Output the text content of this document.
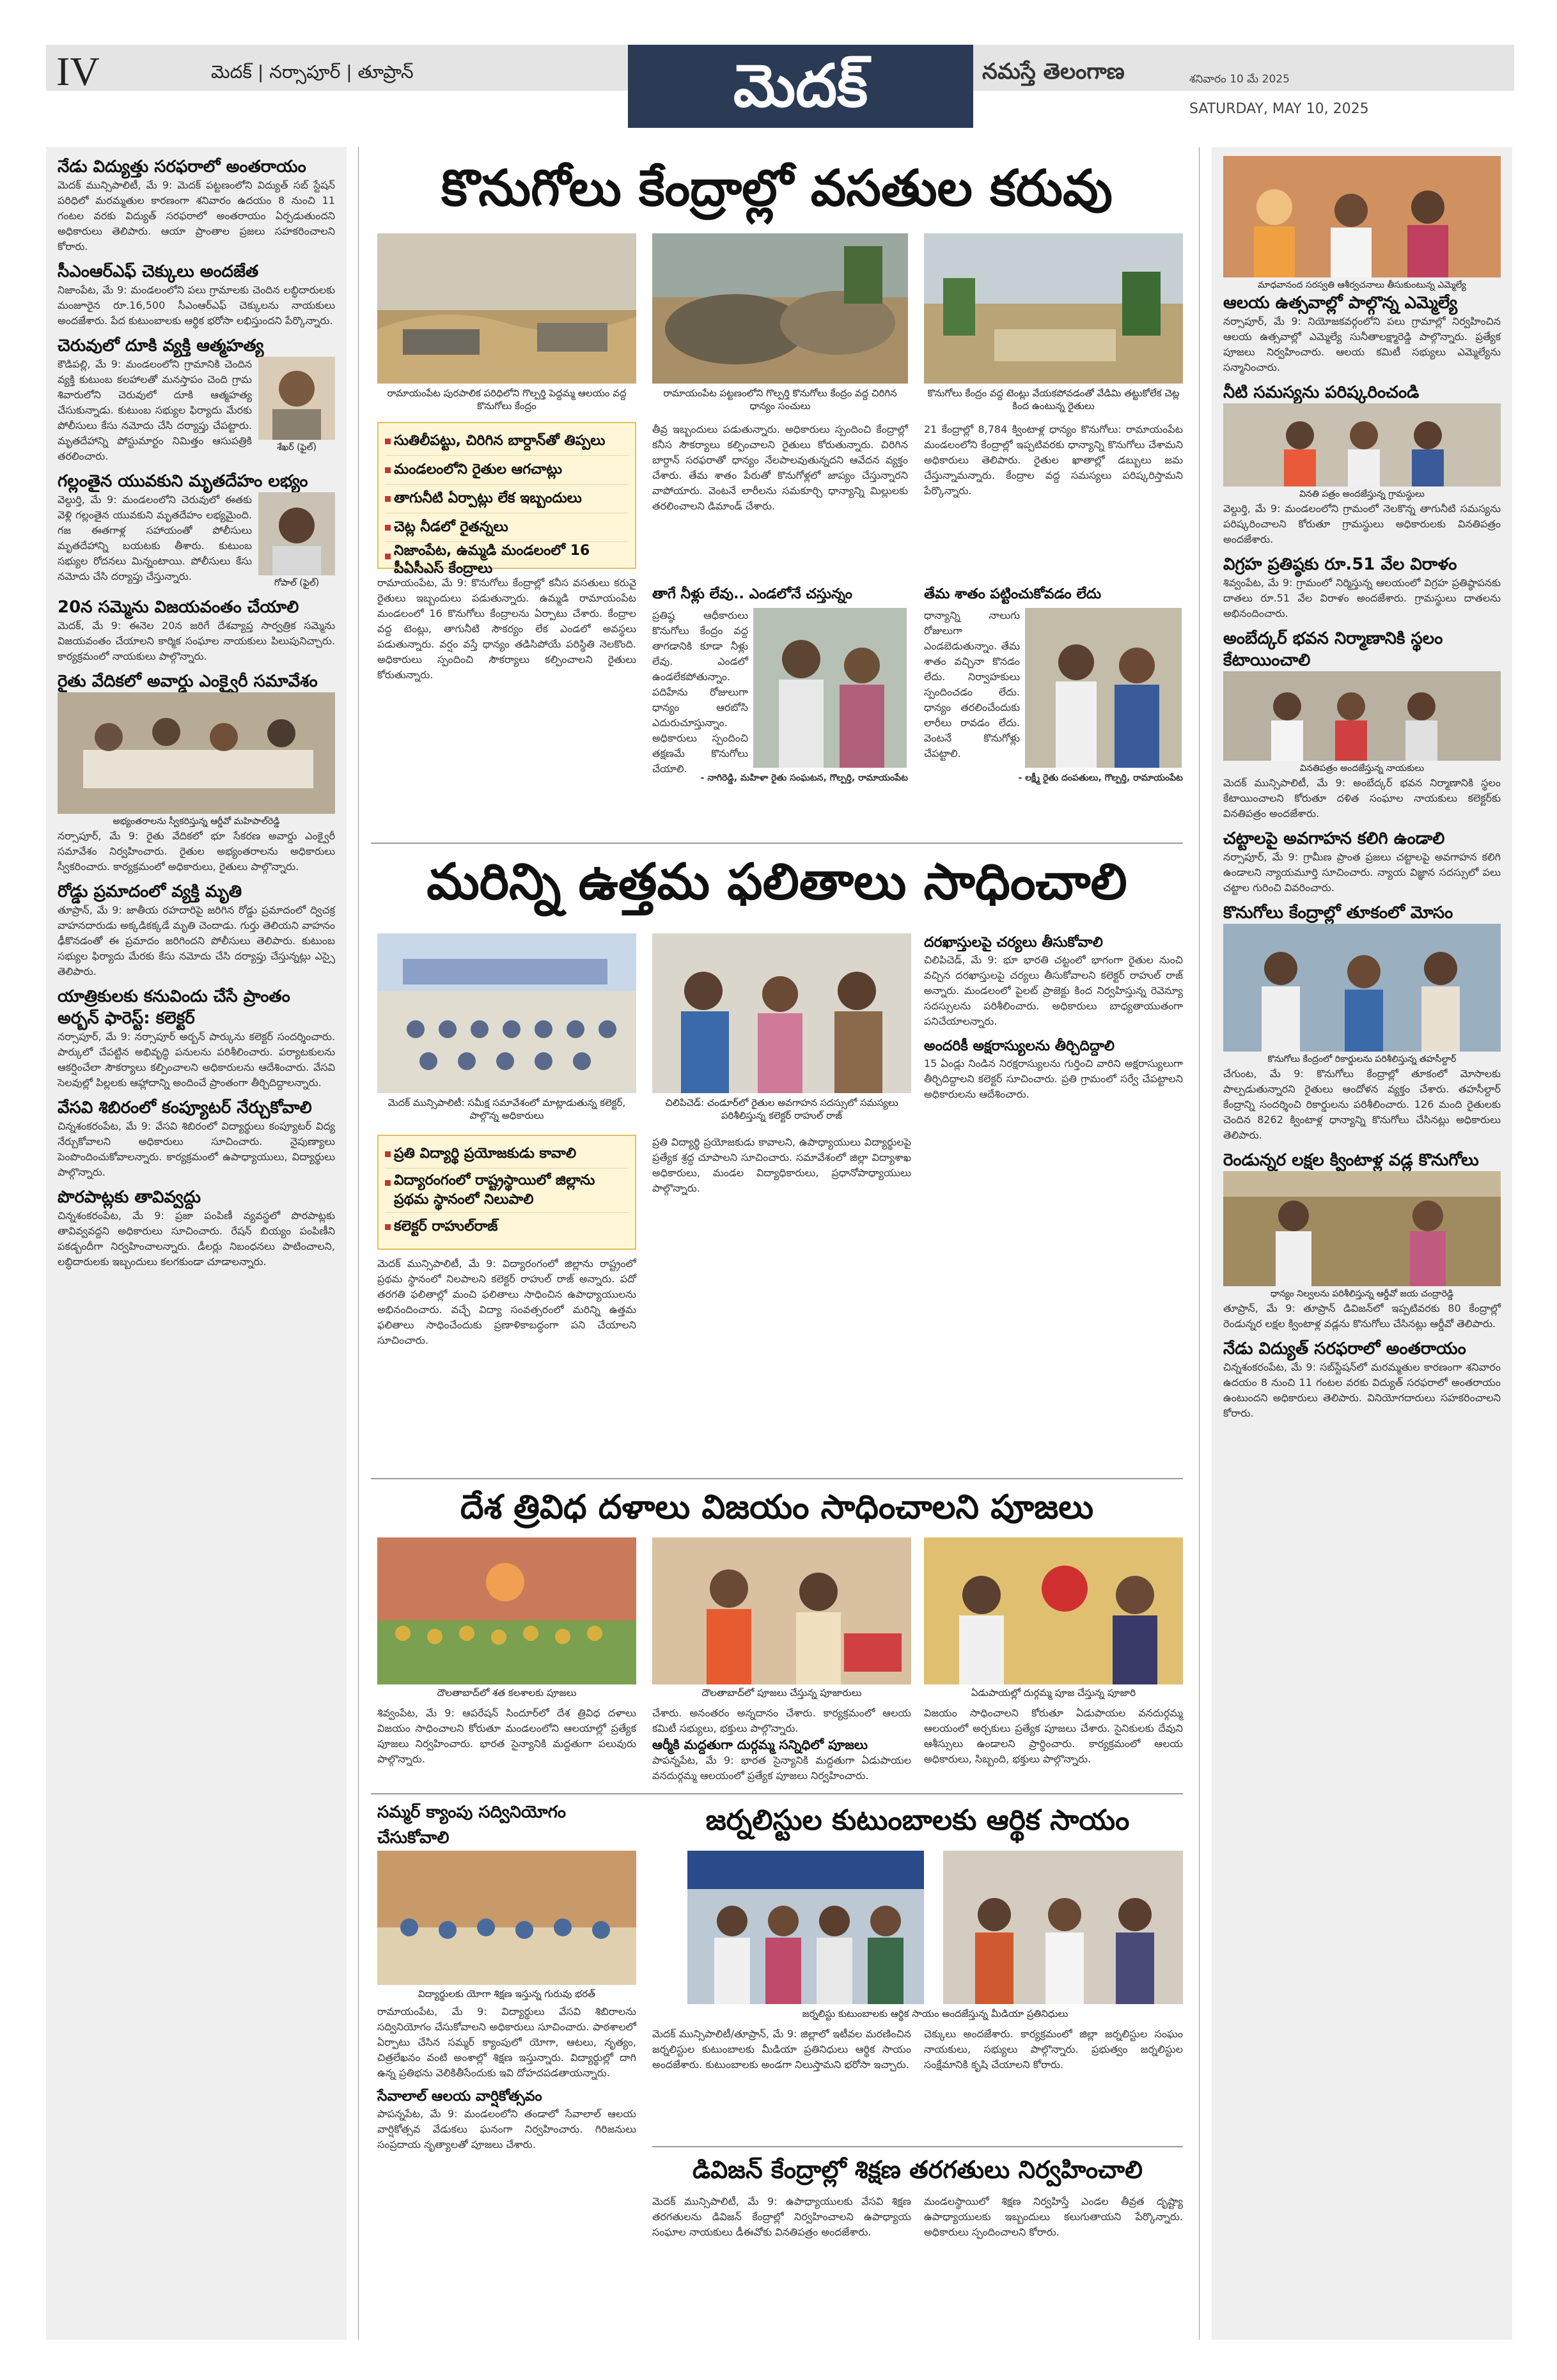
IV	మెదక్ | నర్సాపూర్ | తూప్రాన్	మెదక్	నమస్తే తెలంగాణ	శనివారం 10 మే 2025
SATURDAY, MAY 10, 2025
నేడు విద్యుత్తు సరఫరాలో అంతరాయం
మెదక్ మున్సిపాలిటీ, మే 9: మెదక్ పట్టణంలోని విద్యుత్ సబ్ స్టేషన్ పరిధిలో మరమ్మతుల కారణంగా శనివారం ఉదయం 8 నుంచి 11 గంటల వరకు విద్యుత్ సరఫరాలో అంతరాయం ఏర్పడుతుందని అధికారులు తెలిపారు. ఆయా ప్రాంతాల ప్రజలు సహకరించాలని కోరారు.
సీఎంఆర్ఎఫ్ చెక్కులు అందజేత
నిజాంపేట, మే 9: మండలంలోని పలు గ్రామాలకు చెందిన లబ్ధిదారులకు మంజూరైన రూ.16,500 సీఎంఆర్ఎఫ్ చెక్కులను నాయకులు అందజేశారు. పేద కుటుంబాలకు ఆర్థిక భరోసా లభిస్తుందని పేర్కొన్నారు.
చెరువులో దూకి వ్యక్తి ఆత్మహత్య
కౌడిపల్లి, మే 9: మండలంలోని గ్రామానికి చెందిన వ్యక్తి కుటుంబ కలహాలతో మనస్తాపం చెంది గ్రామ శివారులోని చెరువులో దూకి ఆత్మహత్య చేసుకున్నాడు. కుటుంబ సభ్యుల ఫిర్యాదు మేరకు పోలీసులు కేసు నమోదు చేసి దర్యాప్తు చేపట్టారు. మృతదేహాన్ని పోస్టుమార్టం నిమిత్తం ఆసుపత్రికి తరలించారు.
శేఖర్ (ఫైల్)
గల్లంతైన యువకుని మృతదేహం లభ్యం
వెల్దుర్తి, మే 9: మండలంలోని చెరువులో ఈతకు వెళ్లి గల్లంతైన యువకుని మృతదేహం లభ్యమైంది. గజ ఈతగాళ్ల సహాయంతో పోలీసులు మృతదేహాన్ని బయటకు తీశారు. కుటుంబ సభ్యుల రోదనలు మిన్నంటాయి. పోలీసులు కేసు నమోదు చేసి దర్యాప్తు చేస్తున్నారు.
గోపాల్ (ఫైల్)
20న సమ్మెను విజయవంతం చేయాలి
మెదక్, మే 9: ఈనెల 20న జరిగే దేశవ్యాప్త సార్వత్రిక సమ్మెను విజయవంతం చేయాలని కార్మిక సంఘాల నాయకులు పిలుపునిచ్చారు. కార్యక్రమంలో నాయకులు పాల్గొన్నారు.
రైతు వేదికలో అవార్డు ఎంక్వైరీ సమావేశం
అభ్యంతరాలను స్వీకరిస్తున్న ఆర్డీవో మహిపాల్‌రెడ్డి
నర్సాపూర్, మే 9: రైతు వేదికలో భూ సేకరణ అవార్డు ఎంక్వైరీ సమావేశం నిర్వహించారు. రైతుల అభ్యంతరాలను అధికారులు స్వీకరించారు. కార్యక్రమంలో అధికారులు, రైతులు పాల్గొన్నారు.
రోడ్డు ప్రమాదంలో వ్యక్తి మృతి
తూప్రాన్, మే 9: జాతీయ రహదారిపై జరిగిన రోడ్డు ప్రమాదంలో ద్విచక్ర వాహనదారుడు అక్కడికక్కడే మృతి చెందాడు. గుర్తు తెలియని వాహనం ఢీకొనడంతో ఈ ప్రమాదం జరిగిందని పోలీసులు తెలిపారు. కుటుంబ సభ్యుల ఫిర్యాదు మేరకు కేసు నమోదు చేసి దర్యాప్తు చేస్తున్నట్లు ఎస్సై తెలిపారు.
యాత్రికులకు కనువిందు చేసే ప్రాంతం అర్బన్ ఫారెస్ట్: కలెక్టర్
నర్సాపూర్, మే 9: నర్సాపూర్ అర్బన్ పార్కును కలెక్టర్ సందర్శించారు. పార్కులో చేపట్టిన అభివృద్ధి పనులను పరిశీలించారు. పర్యాటకులను ఆకర్షించేలా సౌకర్యాలు కల్పించాలని అధికారులను ఆదేశించారు. వేసవి సెలవుల్లో పిల్లలకు ఆహ్లాదాన్ని అందించే ప్రాంతంగా తీర్చిదిద్దాలన్నారు.
వేసవి శిబిరంలో కంప్యూటర్ నేర్చుకోవాలి
చిన్నశంకరంపేట, మే 9: వేసవి శిబిరంలో విద్యార్థులు కంప్యూటర్ విద్య నేర్చుకోవాలని అధికారులు సూచించారు. నైపుణ్యాలు పెంపొందించుకోవాలన్నారు. కార్యక్రమంలో ఉపాధ్యాయులు, విద్యార్థులు పాల్గొన్నారు.
పొరపాట్లకు తావివ్వద్దు
చిన్నశంకరంపేట, మే 9: ప్రజా పంపిణీ వ్యవస్థలో పొరపాట్లకు తావివ్వవద్దని అధికారులు సూచించారు. రేషన్ బియ్యం పంపిణీని పకడ్బందీగా నిర్వహించాలన్నారు. డీలర్లు నిబంధనలు పాటించాలని, లబ్ధిదారులకు ఇబ్బందులు కలగకుండా చూడాలన్నారు.
కొనుగోలు కేంద్రాల్లో వసతుల కరువు
రామాయంపేట పురపాలిక పరిధిలోని గొల్పర్తి పెద్దమ్మ ఆలయం వద్ద కొనుగోలు కేంద్రం
రామాయంపేట పట్టణంలోని గొల్పర్తి కొనుగోలు కేంద్రం వద్ద చిరిగిన ధాన్యం సంచులు
కొనుగోలు కేంద్రం వద్ద టెంట్లు వేయకపోవడంతో వేడిమి తట్టుకోలేక చెట్ల కింద ఉంటున్న రైతులు
సుతిలీపట్టు, చిరిగిన బార్దాన్‌తో తిప్పలు
మండలంలోని రైతుల ఆగచాట్లు
తాగునీటి ఏర్పాట్లు లేక ఇబ్బందులు
చెట్ల నీడలో రైతన్నలు
నిజాంపేట, ఉమ్మడి మండలంలో 16 పీఏసీఎస్ కేంద్రాలు
రామాయంపేట, మే 9: కొనుగోలు కేంద్రాల్లో కనీస వసతులు కరువై రైతులు ఇబ్బందులు పడుతున్నారు. ఉమ్మడి రామాయంపేట మండలంలో 16 కొనుగోలు కేంద్రాలను ఏర్పాటు చేశారు. కేంద్రాల వద్ద టెంట్లు, తాగునీటి సౌకర్యం లేక ఎండలో అవస్థలు పడుతున్నారు. వర్షం వస్తే ధాన్యం తడిసిపోయే పరిస్థితి నెలకొంది. అధికారులు స్పందించి సౌకర్యాలు కల్పించాలని రైతులు కోరుతున్నారు.
తీవ్ర ఇబ్బందులు పడుతున్నారు. అధికారులు స్పందించి కేంద్రాల్లో కనీస సౌకర్యాలు కల్పించాలని రైతులు కోరుతున్నారు. చిరిగిన బార్దాన్ సరఫరాతో ధాన్యం నేలపాలవుతున్నదని ఆవేదన వ్యక్తం చేశారు. తేమ శాతం పేరుతో కొనుగోళ్లలో జాప్యం చేస్తున్నారని వాపోయారు. వెంటనే లారీలను సమకూర్చి ధాన్యాన్ని మిల్లులకు తరలించాలని డిమాండ్ చేశారు.
21 కేంద్రాల్లో 8,784 క్వింటాళ్ల ధాన్యం కొనుగోలు: రామాయంపేట మండలంలోని కేంద్రాల్లో ఇప్పటివరకు ధాన్యాన్ని కొనుగోలు చేశామని అధికారులు తెలిపారు. రైతుల ఖాతాల్లో డబ్బులు జమ చేస్తున్నామన్నారు. కేంద్రాల వద్ద సమస్యలు పరిష్కరిస్తామని పేర్కొన్నారు.
తాగే నీళ్లు లేవు.. ఎండలోనే చస్తున్నం
ప్రతిష్ఠ ఆధీకారులు కొనుగోలు కేంద్రం వద్ద తాగడానికి కూడా నీళ్లు లేవు. ఎండలో ఉండలేకపోతున్నాం. పదిహేను రోజులుగా ధాన్యం ఆరబోసి ఎదురుచూస్తున్నాం. అధికారులు స్పందించి తక్షణమే కొనుగోలు చేయాలి.
- నాగిరెడ్డి, మహిళా రైతు సంఘటన, గొల్పర్తి, రామాయంపేట
తేమ శాతం పట్టించుకోవడం లేదు
ధాన్యాన్ని నాలుగు రోజులుగా ఎండబెడుతున్నాం. తేమ శాతం వచ్చినా కొనడం లేదు. నిర్వాహకులు స్పందించడం లేదు. ధాన్యం తరలించేందుకు లారీలు రావడం లేదు. వెంటనే కొనుగోళ్లు చేపట్టాలి.
- లక్ష్మీ రైతు దంపతులు, గొల్పర్తి, రామాయంపేట
మరిన్ని ఉత్తమ ఫలితాలు సాధించాలి
మెదక్ మున్సిపాలిటీ: సమీక్ష సమావేశంలో మాట్లాడుతున్న కలెక్టర్, పాల్గొన్న అధికారులు
చిలిపిచెడ్: చండూర్‌లో రైతుల అవగాహన సదస్సులో సమస్యలు పరిశీలిస్తున్న కలెక్టర్ రాహుల్ రాజ్
ప్రతి విద్యార్థి ప్రయోజకుడు కావాలి
విద్యారంగంలో రాష్ట్రస్థాయిలో జిల్లాను ప్రథమ స్థానంలో నిలుపాలి
కలెక్టర్ రాహుల్‌రాజ్
మెదక్ మున్సిపాలిటీ, మే 9: విద్యారంగంలో జిల్లాను రాష్ట్రంలో ప్రథమ స్థానంలో నిలపాలని కలెక్టర్ రాహుల్ రాజ్ అన్నారు. పదో తరగతి ఫలితాల్లో మంచి ఫలితాలు సాధించిన ఉపాధ్యాయులను అభినందించారు. వచ్చే విద్యా సంవత్సరంలో మరిన్ని ఉత్తమ ఫలితాలు సాధించేందుకు ప్రణాళికాబద్ధంగా పని చేయాలని సూచించారు.
ప్రతి విద్యార్థి ప్రయోజకుడు కావాలని, ఉపాధ్యాయులు విద్యార్థులపై ప్రత్యేక శ్రద్ధ చూపాలని సూచించారు. సమావేశంలో జిల్లా విద్యాశాఖ అధికారులు, మండల విద్యాధికారులు, ప్రధానోపాధ్యాయులు పాల్గొన్నారు.
దరఖాస్తులపై చర్యలు తీసుకోవాలి
చిలిపిచెడ్, మే 9: భూ భారతి చట్టంలో భాగంగా రైతుల నుంచి వచ్చిన దరఖాస్తులపై చర్యలు తీసుకోవాలని కలెక్టర్ రాహుల్ రాజ్ అన్నారు. మండలంలో పైలట్ ప్రాజెక్టు కింద నిర్వహిస్తున్న రెవెన్యూ సదస్సులను పరిశీలించారు. అధికారులు బాధ్యతాయుతంగా పనిచేయాలన్నారు.
అందరికీ అక్షరాస్యులను తీర్చిదిద్దాలి
15 ఏండ్లు నిండిన నిరక్షరాస్యులను గుర్తించి వారిని అక్షరాస్యులుగా తీర్చిదిద్దాలని కలెక్టర్ సూచించారు. ప్రతి గ్రామంలో సర్వే చేపట్టాలని అధికారులను ఆదేశించారు.
దేశ త్రివిధ దళాలు విజయం సాధించాలని పూజలు
దౌలతాబాద్‌లో శత కలశాలకు పూజలు	దౌలతాబాద్‌లో పూజలు చేస్తున్న పూజారులు	ఏడుపాయల్లో దుర్గమ్మ పూజ చేస్తున్న పూజారి
శివ్వంపేట, మే 9: ఆపరేషన్ సిందూర్‌లో దేశ త్రివిధ దళాలు విజయం సాధించాలని కోరుతూ మండలంలోని ఆలయాల్లో ప్రత్యేక పూజలు నిర్వహించారు. భారత సైన్యానికి మద్దతుగా పలువురు పాల్గొన్నారు.
చేశారు. అనంతరం అన్నదానం చేశారు. కార్యక్రమంలో ఆలయ కమిటీ సభ్యులు, భక్తులు పాల్గొన్నారు.
ఆర్మీకి మద్దతుగా దుర్గమ్మ సన్నిధిలో పూజలు
పాపన్నపేట, మే 9: భారత సైన్యానికి మద్దతుగా ఏడుపాయల వనదుర్గమ్మ ఆలయంలో ప్రత్యేక పూజలు నిర్వహించారు.
విజయం సాధించాలని కోరుతూ ఏడుపాయల వనదుర్గమ్మ ఆలయంలో అర్చకులు ప్రత్యేక పూజలు చేశారు. సైనికులకు దేవుని ఆశీస్సులు ఉండాలని ప్రార్థించారు. కార్యక్రమంలో ఆలయ అధికారులు, సిబ్బంది, భక్తులు పాల్గొన్నారు.
సమ్మర్ క్యాంపు సద్వినియోగం చేసుకోవాలి
విద్యార్థులకు యోగా శిక్షణ ఇస్తున్న గురువు భరత్
రామాయంపేట, మే 9: విద్యార్థులు వేసవి శిబిరాలను సద్వినియోగం చేసుకోవాలని అధికారులు సూచించారు. పాఠశాలలో ఏర్పాటు చేసిన సమ్మర్ క్యాంపులో యోగా, ఆటలు, నృత్యం, చిత్రలేఖనం వంటి అంశాల్లో శిక్షణ ఇస్తున్నారు. విద్యార్థుల్లో దాగి ఉన్న ప్రతిభను వెలికితీసేందుకు ఇవి దోహదపడతాయన్నారు.
సేవాలాల్ ఆలయ వార్షికోత్సవం
పాపన్నపేట, మే 9: మండలంలోని తండాలో సేవాలాల్ ఆలయ వార్షికోత్సవ వేడుకలు ఘనంగా నిర్వహించారు. గిరిజనులు సంప్రదాయ నృత్యాలతో పూజలు చేశారు.
జర్నలిస్టుల కుటుంబాలకు ఆర్థిక సాయం
జర్నలిస్టు కుటుంబాలకు ఆర్థిక సాయం అందజేస్తున్న మీడియా ప్రతినిధులు
మెదక్ మున్సిపాలిటీ/తూప్రాన్, మే 9: జిల్లాలో ఇటీవల మరణించిన జర్నలిస్టుల కుటుంబాలకు మీడియా ప్రతినిధులు ఆర్థిక సాయం అందజేశారు. కుటుంబాలకు అండగా నిలుస్తామని భరోసా ఇచ్చారు.
చెక్కులు అందజేశారు. కార్యక్రమంలో జిల్లా జర్నలిస్టుల సంఘం నాయకులు, సభ్యులు పాల్గొన్నారు. ప్రభుత్వం జర్నలిస్టుల సంక్షేమానికి కృషి చేయాలని కోరారు.
డివిజన్ కేంద్రాల్లో శిక్షణ తరగతులు నిర్వహించాలి
మెదక్ మున్సిపాలిటీ, మే 9: ఉపాధ్యాయులకు వేసవి శిక్షణ తరగతులను డివిజన్ కేంద్రాల్లో నిర్వహించాలని ఉపాధ్యాయ సంఘాల నాయకులు డీఈవోకు వినతిపత్రం అందజేశారు.
మండలస్థాయిలో శిక్షణ నిర్వహిస్తే ఎండల తీవ్రత దృష్ట్యా ఉపాధ్యాయులకు ఇబ్బందులు కలుగుతాయని పేర్కొన్నారు. అధికారులు స్పందించాలని కోరారు.
మాధవానంద సరస్వతి ఆశీర్వచనాలు తీసుకుంటున్న ఎమ్మెల్యే
ఆలయ ఉత్సవాల్లో పాల్గొన్న ఎమ్మెల్యే
నర్సాపూర్, మే 9: నియోజకవర్గంలోని పలు గ్రామాల్లో నిర్వహించిన ఆలయ ఉత్సవాల్లో ఎమ్మెల్యే సునీతాలక్ష్మారెడ్డి పాల్గొన్నారు. ప్రత్యేక పూజలు నిర్వహించారు. ఆలయ కమిటీ సభ్యులు ఎమ్మెల్యేను సన్మానించారు.
నీటి సమస్యను పరిష్కరించండి
వినతి పత్రం అందజేస్తున్న గ్రామస్థులు
వెల్దుర్తి, మే 9: మండలంలోని గ్రామంలో నెలకొన్న తాగునీటి సమస్యను పరిష్కరించాలని కోరుతూ గ్రామస్థులు అధికారులకు వినతిపత్రం అందజేశారు.
విగ్రహ ప్రతిష్ఠకు రూ.51 వేల విరాళం
శివ్వంపేట, మే 9: గ్రామంలో నిర్మిస్తున్న ఆలయంలో విగ్రహ ప్రతిష్ఠాపనకు దాతలు రూ.51 వేల విరాళం అందజేశారు. గ్రామస్థులు దాతలను అభినందించారు.
అంబేద్కర్ భవన నిర్మాణానికి స్థలం కేటాయించాలి
వినతిపత్రం అందజేస్తున్న నాయకులు
మెదక్ మున్సిపాలిటీ, మే 9: అంబేద్కర్ భవన నిర్మాణానికి స్థలం కేటాయించాలని కోరుతూ దళిత సంఘాల నాయకులు కలెక్టర్‌కు వినతిపత్రం అందజేశారు.
చట్టాలపై అవగాహన కలిగి ఉండాలి
నర్సాపూర్, మే 9: గ్రామీణ ప్రాంత ప్రజలు చట్టాలపై అవగాహన కలిగి ఉండాలని న్యాయమూర్తి సూచించారు. న్యాయ విజ్ఞాన సదస్సులో పలు చట్టాల గురించి వివరించారు.
కొనుగోలు కేంద్రాల్లో తూకంలో మోసం
కొనుగోలు కేంద్రంలో రికార్డులను పరిశీలిస్తున్న తహసీల్దార్
చేగుంట, మే 9: కొనుగోలు కేంద్రాల్లో తూకంలో మోసాలకు పాల్పడుతున్నారని రైతులు ఆందోళన వ్యక్తం చేశారు. తహసీల్దార్ కేంద్రాన్ని సందర్శించి రికార్డులను పరిశీలించారు. 126 మంది రైతులకు చెందిన 8262 క్వింటాళ్ల ధాన్యాన్ని కొనుగోలు చేసినట్లు అధికారులు తెలిపారు.
రెండున్నర లక్షల క్వింటాళ్ల వడ్ల కొనుగోలు
ధాన్యం నిల్వలను పరిశీలిస్తున్న ఆర్డీవో జయ చంద్రారెడ్డి
తూప్రాన్, మే 9: తూప్రాన్ డివిజన్‌లో ఇప్పటివరకు 80 కేంద్రాల్లో రెండున్నర లక్షల క్వింటాళ్ల వడ్లను కొనుగోలు చేసినట్లు ఆర్డీవో తెలిపారు.
నేడు విద్యుత్ సరఫరాలో అంతరాయం
చిన్నశంకరంపేట, మే 9: సబ్‌స్టేషన్‌లో మరమ్మతుల కారణంగా శనివారం ఉదయం 8 నుంచి 11 గంటల వరకు విద్యుత్ సరఫరాలో అంతరాయం ఉంటుందని అధికారులు తెలిపారు. వినియోగదారులు సహకరించాలని కోరారు.
